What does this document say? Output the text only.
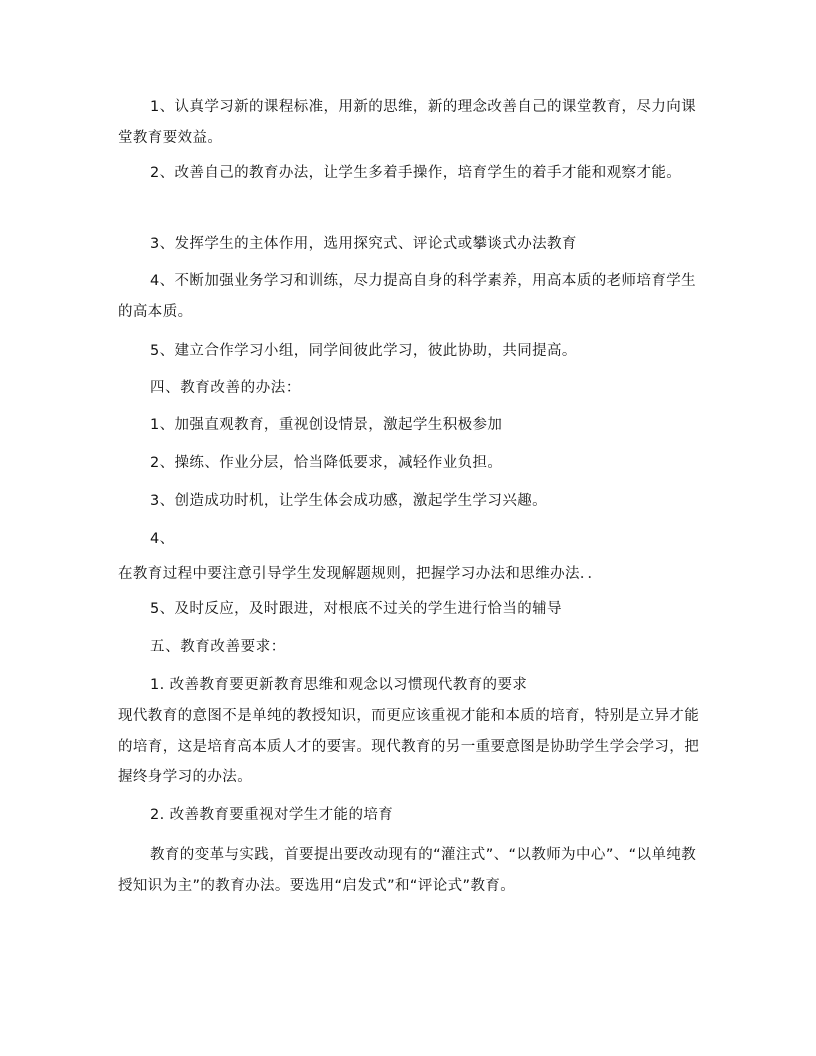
1、认真学习新的课程标准，用新的思维，新的理念改善自己的课堂教育，尽力向课堂教育要效益。
2、改善自己的教育办法，让学生多着手操作，培育学生的着手才能和观察才能。
3、发挥学生的主体作用，选用探究式、评论式或攀谈式办法教育
4、不断加强业务学习和训练，尽力提高自身的科学素养，用高本质的老师培育学生的高本质。
5、建立合作学习小组，同学间彼此学习，彼此协助，共同提高。
四、教育改善的办法：
1、加强直观教育，重视创设情景，激起学生积极参加
2、操练、作业分层，恰当降低要求，减轻作业负担。
3、创造成功时机，让学生体会成功感，激起学生学习兴趣。
4、
在教育过程中要注意引导学生发现解题规则，把握学习办法和思维办法．．
5、及时反应，及时跟进，对根底不过关的学生进行恰当的辅导
五、教育改善要求：
1. 改善教育要更新教育思维和观念以习惯现代教育的要求
现代教育的意图不是单纯的教授知识，而更应该重视才能和本质的培育，特别是立异才能的培育，这是培育高本质人才的要害。现代教育的另一重要意图是协助学生学会学习，把握终身学习的办法。
2. 改善教育要重视对学生才能的培育
教育的变革与实践，首要提出要改动现有的“灌注式”、“以教师为中心”、“以单纯教授知识为主”的教育办法。要选用“启发式”和“评论式”教育。
